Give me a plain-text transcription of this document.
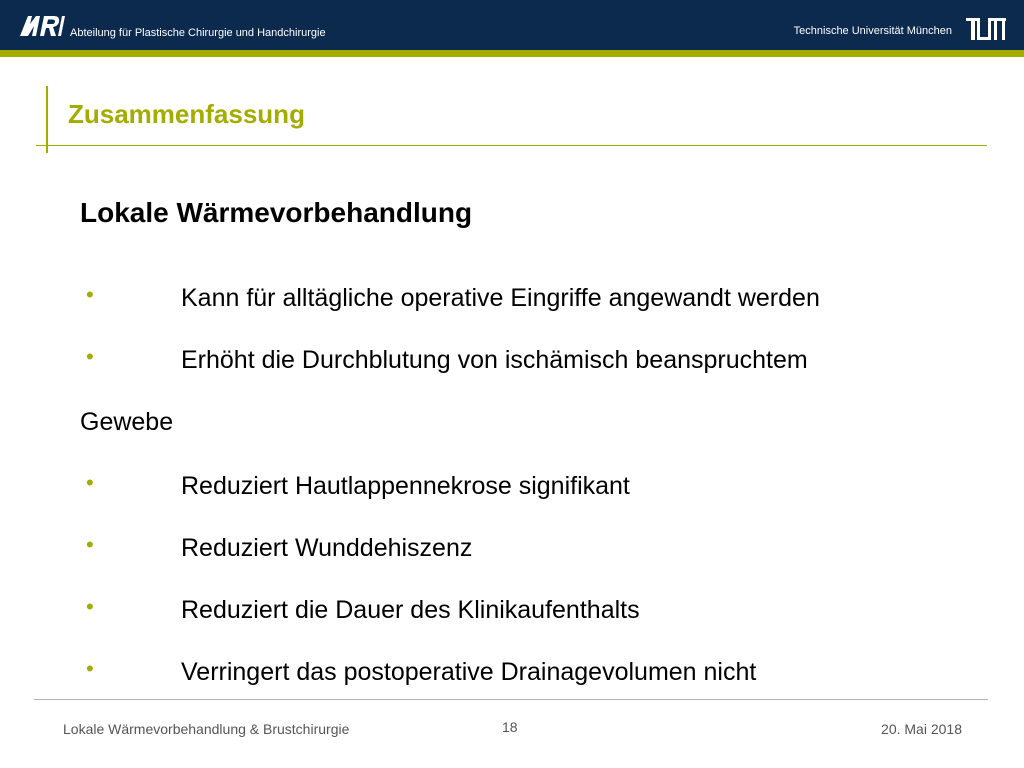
Abteilung für Plastische Chirurgie und Handchirurgie	Technische Universität München
Zusammenfassung
Lokale Wärmevorbehandlung
•	Kann für alltägliche operative Eingriffe angewandt werden
•	Erhöht die Durchblutung von ischämisch beanspruchtem
Gewebe
•	Reduziert Hautlappennekrose signifikant
•	Reduziert Wunddehiszenz
•	Reduziert die Dauer des Klinikaufenthalts
•	Verringert das postoperative Drainagevolumen nicht
Lokale Wärmevorbehandlung & Brustchirurgie	18	20. Mai 2018
